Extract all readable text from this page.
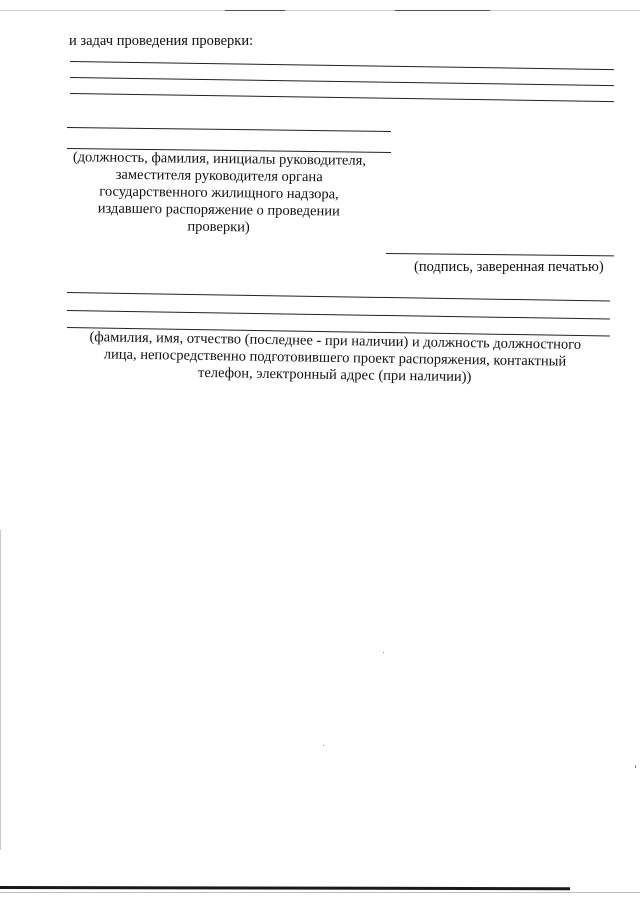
и задач проведения проверки:
(должность, фамилия, инициалы руководителя,
заместителя руководителя органа
государственного жилищного надзора,
издавшего распоряжение о проведении
проверки)
(подпись, заверенная печатью)
(фамилия, имя, отчество (последнее - при наличии) и должность должностного
лица, непосредственно подготовившего проект распоряжения, контактный
телефон, электронный адрес (при наличии))
